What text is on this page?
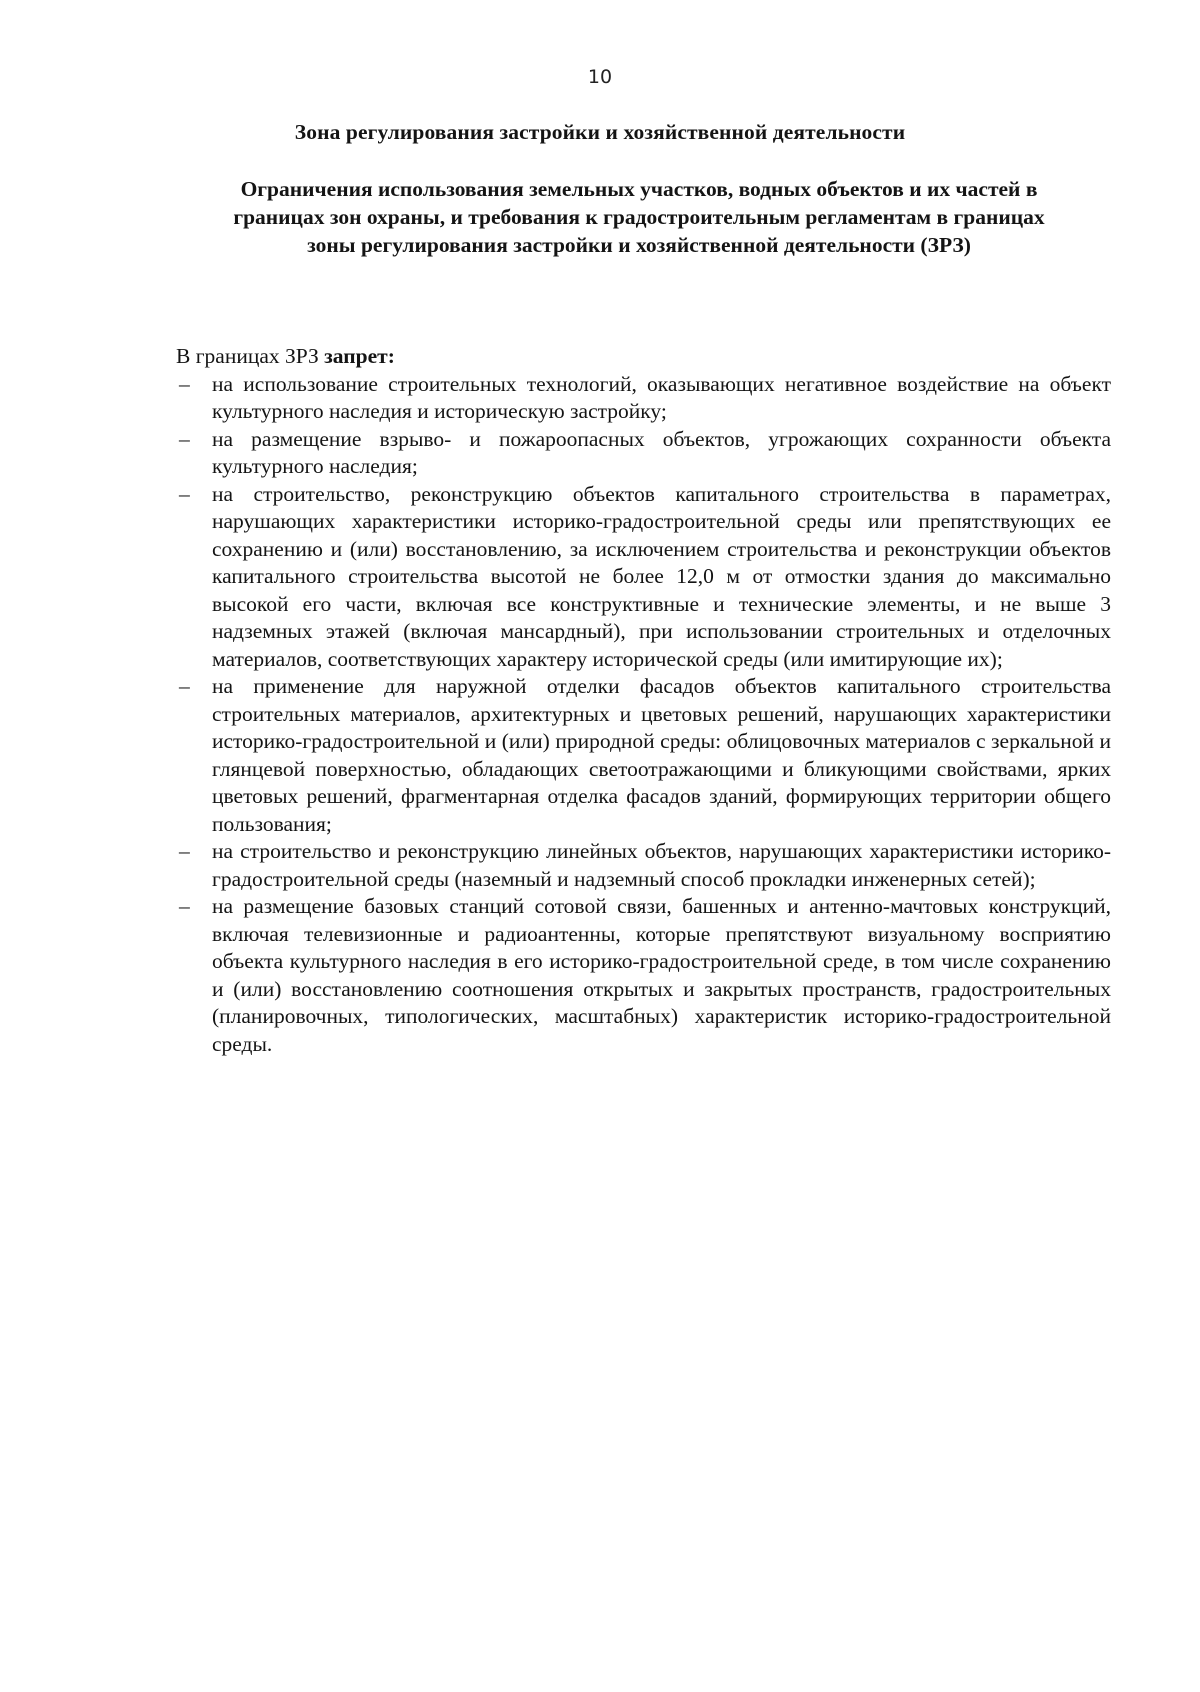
10
Зона регулирования застройки и хозяйственной деятельности
Ограничения использования земельных участков, водных объектов и их частей в
границах зон охраны, и требования к градостроительным регламентам в границах
зоны регулирования застройки и хозяйственной деятельности (ЗРЗ)

В границах ЗРЗ запрет:

– на использование строительных технологий, оказывающих негативное воздействие на объект культурного наследия и историческую застройку;
– на размещение взрыво- и пожароопасных объектов, угрожающих сохранности объекта культурного наследия;
– на строительство, реконструкцию объектов капитального строительства в параметрах, нарушающих характеристики историко-градостроительной среды или препятствующих ее сохранению и (или) восстановлению, за исключением строительства и реконструкции объектов капитального строительства высотой не более 12,0 м от отмостки здания до максимально высокой его части, включая все конструктивные и технические элементы, и не выше 3 надземных этажей (включая мансардный), при использовании строительных и отделочных материалов, соответствующих характеру исторической среды (или имитирующие их);
– на применение для наружной отделки фасадов объектов капитального строительства строительных материалов, архитектурных и цветовых решений, нарушающих характеристики историко-градостроительной и (или) природной среды: облицовочных материалов с зеркальной и глянцевой поверхностью, обладающих светоотражающими и бликующими свойствами, ярких цветовых решений, фрагментарная отделка фасадов зданий, формирующих территории общего пользования;
– на строительство и реконструкцию линейных объектов, нарушающих характеристики историко-градостроительной среды (наземный и надземный способ прокладки инженерных сетей);
– на размещение базовых станций сотовой связи, башенных и антенно-мачтовых конструкций, включая телевизионные и радиоантенны, которые препятствуют визуальному восприятию объекта культурного наследия в его историко-градостроительной среде, в том числе сохранению и (или) восстановлению соотношения открытых и закрытых пространств, градостроительных (планировочных, типологических, масштабных) характеристик историко-градостроительной среды.
